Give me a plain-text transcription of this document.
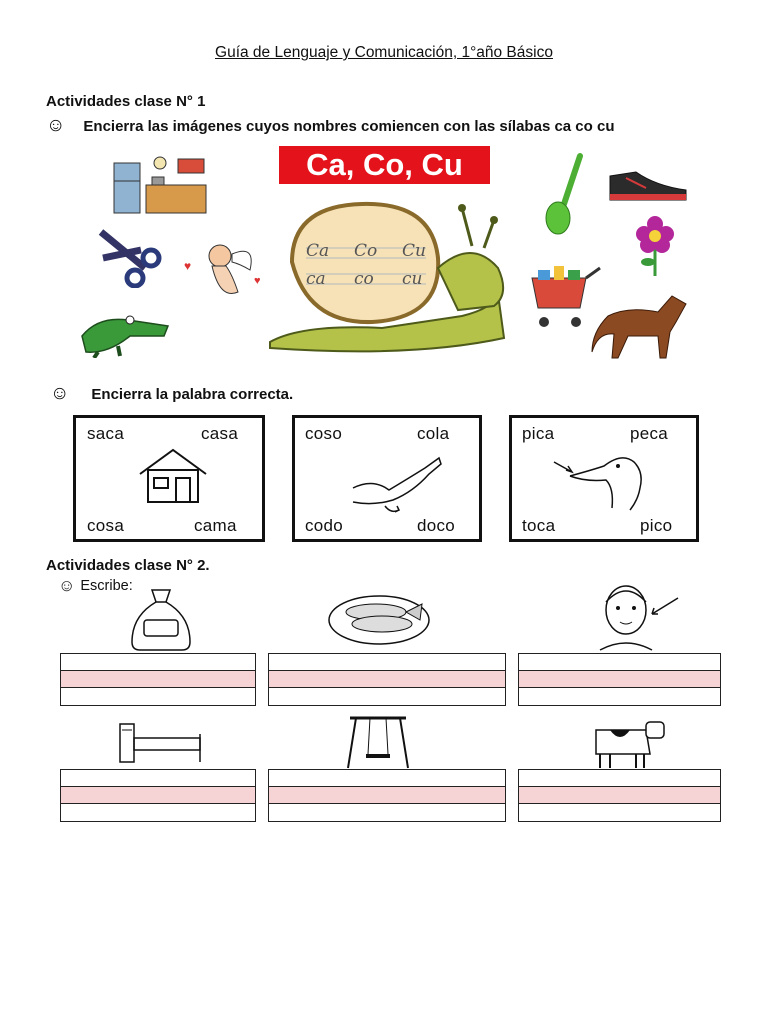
Guía de Lenguaje y Comunicación, 1°año Básico
Actividades clase N° 1
☺ Encierra las imágenes cuyos nombres comiencen con las sílabas ca co cu
Ca, Co, Cu
♥
♥
Ca Co Cu
ca co cu
☺ Encierra la palabra correcta.
saca	casa
cosa	cama
coso	cola
codo	doco
pica	peca
toca	pico
Actividades clase N° 2.
☺ Escribe:
